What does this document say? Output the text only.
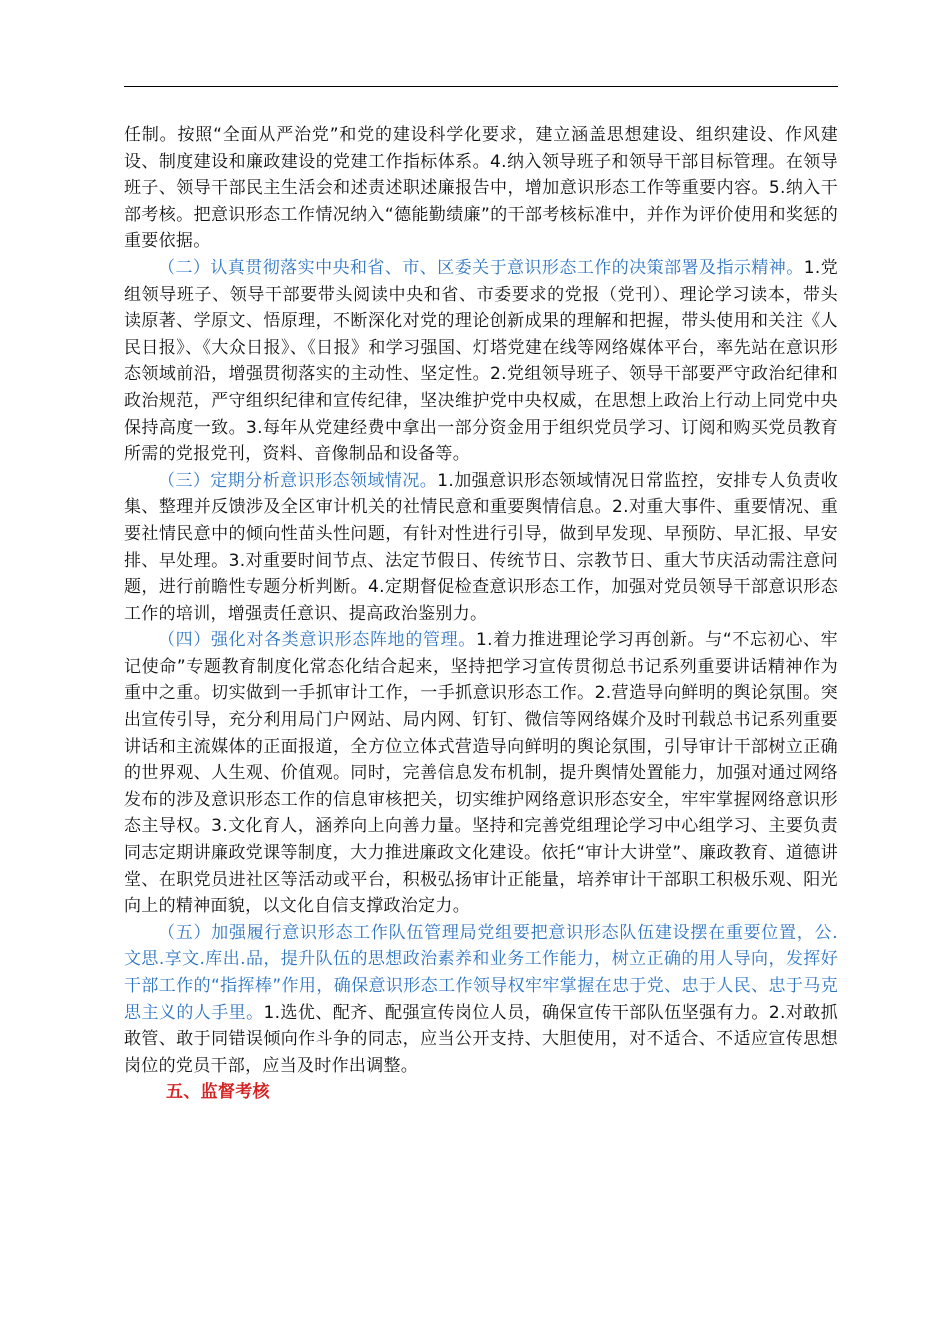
任制。按照“全面从严治党”和党的建设科学化要求，建立涵盖思想建设、组织建设、作风建设、制度建设和廉政建设的党建工作指标体系。4.纳入领导班子和领导干部目标管理。在领导班子、领导干部民主生活会和述责述职述廉报告中，增加意识形态工作等重要内容。5.纳入干部考核。把意识形态工作情况纳入“德能勤绩廉”的干部考核标准中，并作为评价使用和奖惩的重要依据。

（二）认真贯彻落实中央和省、市、区委关于意识形态工作的决策部署及指示精神。1.党组领导班子、领导干部要带头阅读中央和省、市委要求的党报（党刊）、理论学习读本，带头读原著、学原文、悟原理，不断深化对党的理论创新成果的理解和把握，带头使用和关注《人民日报》、《大众日报》、《日报》和学习强国、灯塔党建在线等网络媒体平台，率先站在意识形态领域前沿，增强贯彻落实的主动性、坚定性。2.党组领导班子、领导干部要严守政治纪律和政治规范，严守组织纪律和宣传纪律，坚决维护党中央权威，在思想上政治上行动上同党中央保持高度一致。3.每年从党建经费中拿出一部分资金用于组织党员学习、订阅和购买党员教育所需的党报党刊，资料、音像制品和设备等。

（三）定期分析意识形态领域情况。1.加强意识形态领域情况日常监控，安排专人负责收集、整理并反馈涉及全区审计机关的社情民意和重要舆情信息。2.对重大事件、重要情况、重要社情民意中的倾向性苗头性问题，有针对性进行引导，做到早发现、早预防、早汇报、早安排、早处理。3.对重要时间节点、法定节假日、传统节日、宗教节日、重大节庆活动需注意问题，进行前瞻性专题分析判断。4.定期督促检查意识形态工作，加强对党员领导干部意识形态工作的培训，增强责任意识、提高政治鉴别力。

（四）强化对各类意识形态阵地的管理。1.着力推进理论学习再创新。与“不忘初心、牢记使命”专题教育制度化常态化结合起来，坚持把学习宣传贯彻总书记系列重要讲话精神作为重中之重。切实做到一手抓审计工作，一手抓意识形态工作。2.营造导向鲜明的舆论氛围。突出宣传引导，充分利用局门户网站、局内网、钉钉、微信等网络媒介及时刊载总书记系列重要讲话和主流媒体的正面报道，全方位立体式营造导向鲜明的舆论氛围，引导审计干部树立正确的世界观、人生观、价值观。同时，完善信息发布机制，提升舆情处置能力，加强对通过网络发布的涉及意识形态工作的信息审核把关，切实维护网络意识形态安全，牢牢掌握网络意识形态主导权。3.文化育人，涵养向上向善力量。坚持和完善党组理论学习中心组学习、主要负责同志定期讲廉政党课等制度，大力推进廉政文化建设。依托“审计大讲堂”、廉政教育、道德讲堂、在职党员进社区等活动或平台，积极弘扬审计正能量，培养审计干部职工积极乐观、阳光向上的精神面貌，以文化自信支撑政治定力。

（五）加强履行意识形态工作队伍管理局党组要把意识形态队伍建设摆在重要位置，公.文思.享文.库出.品，提升队伍的思想政治素养和业务工作能力，树立正确的用人导向，发挥好干部工作的“指挥棒”作用，确保意识形态工作领导权牢牢掌握在忠于党、忠于人民、忠于马克思主义的人手里。1.选优、配齐、配强宣传岗位人员，确保宣传干部队伍坚强有力。2.对敢抓敢管、敢于同错误倾向作斗争的同志，应当公开支持、大胆使用，对不适合、不适应宣传思想岗位的党员干部，应当及时作出调整。

五、监督考核
